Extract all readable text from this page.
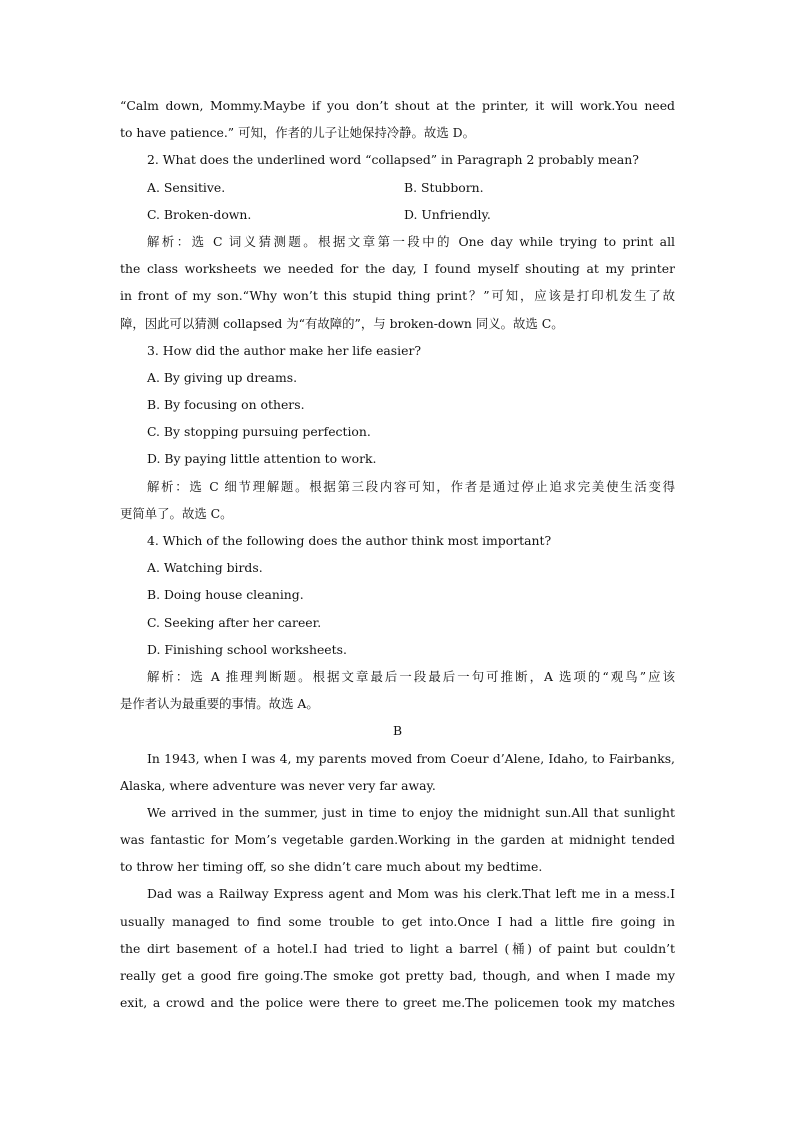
“Calm down, Mommy.Maybe if you don’t shout at the printer, it will work.You need
to have patience.” 可知，作者的儿子让她保持冷静。故选 D。
2. What does the underlined word “collapsed” in Paragraph 2 probably mean?
A. Sensitive.	B. Stubborn.
C. Broken-down.	D. Unfriendly.
解析：选 C 词义猜测题。根据文章第一段中的 One day while trying to print all
the class worksheets we needed for the day, I found myself shouting at my printer
in front of my son.“Why won’t this stupid thing print？”可知，应该是打印机发生了故
障，因此可以猜测 collapsed 为“有故障的”，与 broken-down 同义。故选 C。
3. How did the author make her life easier?
A. By giving up dreams.
B. By focusing on others.
C. By stopping pursuing perfection.
D. By paying little attention to work.
解析：选 C 细节理解题。根据第三段内容可知，作者是通过停止追求完美使生活变得
更简单了。故选 C。
4. Which of the following does the author think most important?
A. Watching birds.
B. Doing house cleaning.
C. Seeking after her career.
D. Finishing school worksheets.
解析：选 A 推理判断题。根据文章最后一段最后一句可推断，A 选项的“观鸟”应该
是作者认为最重要的事情。故选 A。
B
In 1943, when I was 4, my parents moved from Coeur d’Alene, Idaho, to Fairbanks,
Alaska, where adventure was never very far away.
We arrived in the summer, just in time to enjoy the midnight sun.All that sunlight
was fantastic for Mom’s vegetable garden.Working in the garden at midnight tended
to throw her timing off, so she didn’t care much about my bedtime.
Dad was a Railway Express agent and Mom was his clerk.That left me in a mess.I
usually managed to find some trouble to get into.Once I had a little fire going in
the dirt basement of a hotel.I had tried to light a barrel (桶) of paint but couldn’t
really get a good fire going.The smoke got pretty bad, though, and when I made my
exit, a crowd and the police were there to greet me.The policemen took my matches
